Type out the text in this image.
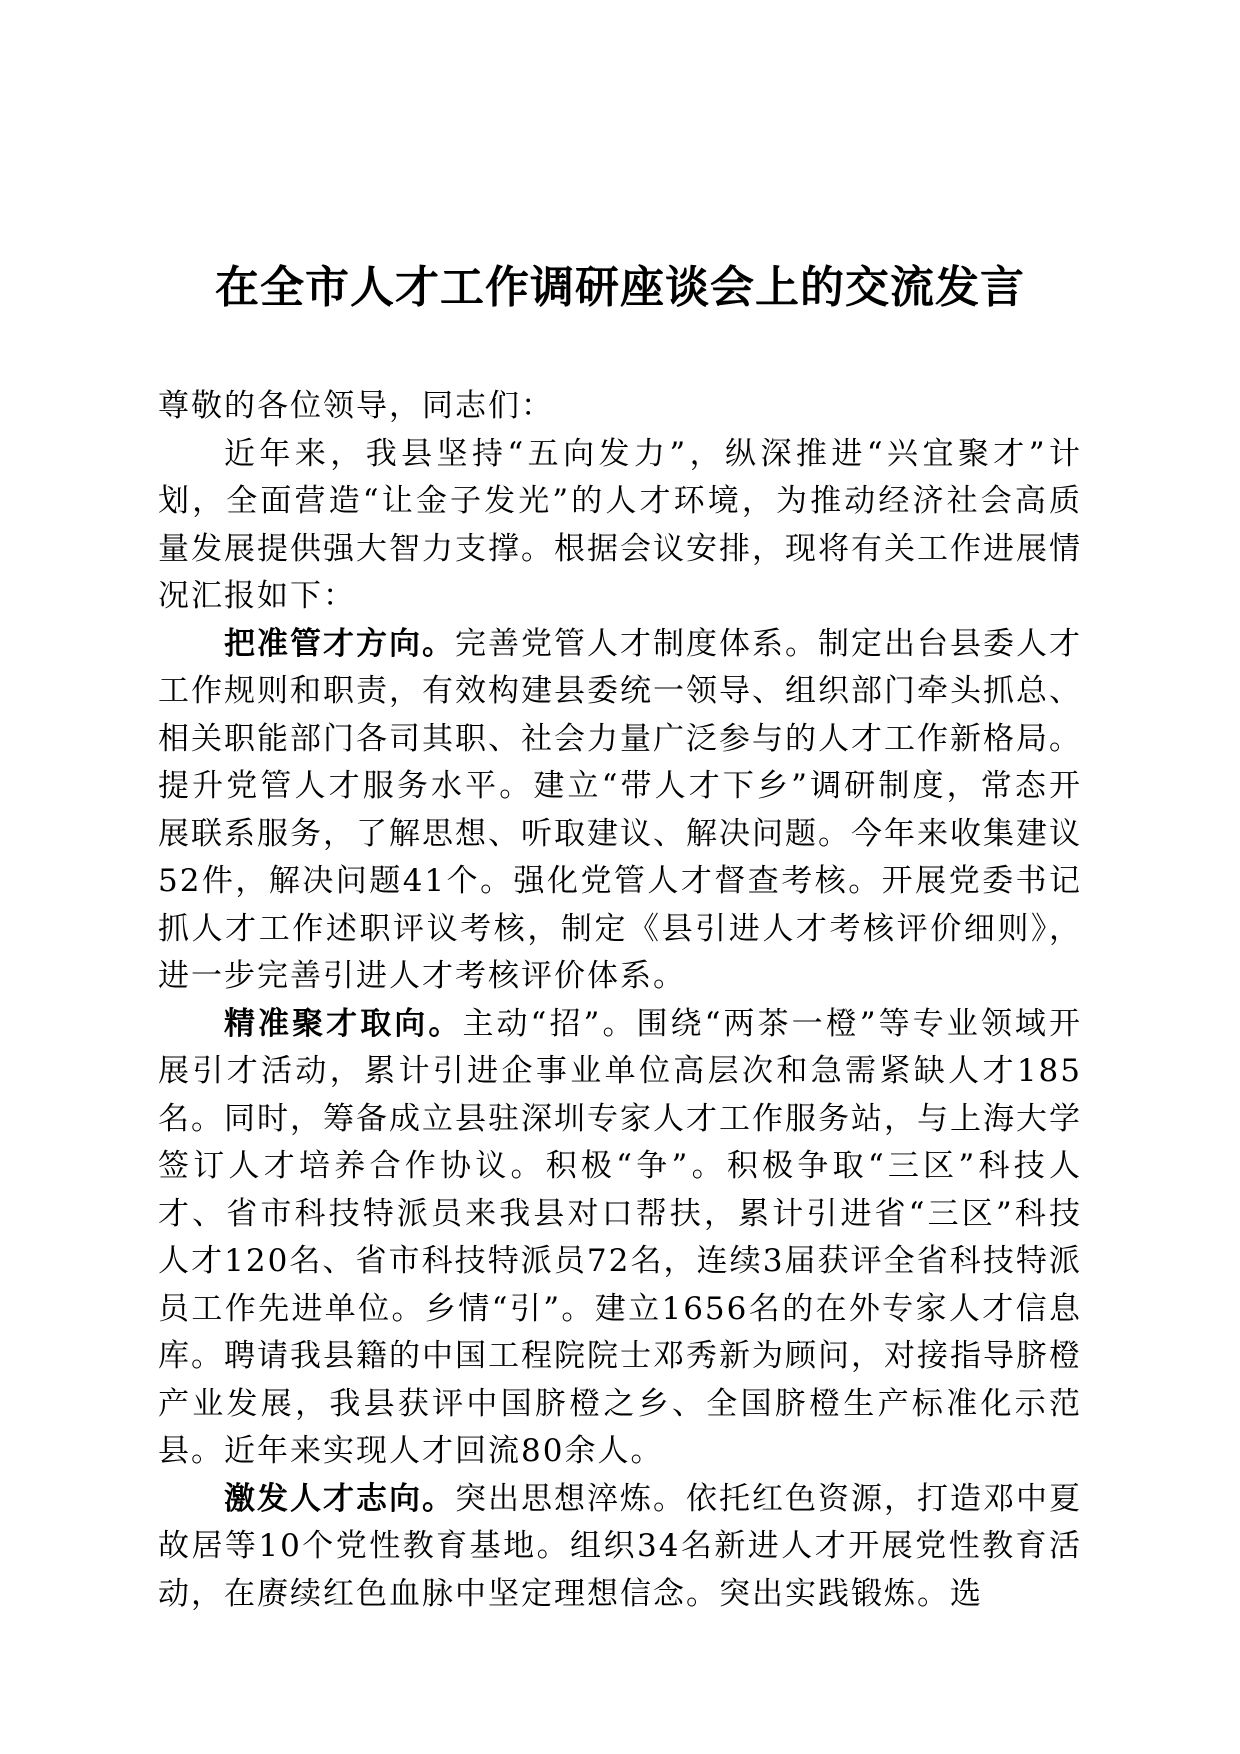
在全市人才工作调研座谈会上的交流发言

尊敬的各位领导，同志们：

近年来，我县坚持“五向发力”，纵深推进“兴宜聚才”计划，全面营造“让金子发光”的人才环境，为推动经济社会高质量发展提供强大智力支撑。根据会议安排，现将有关工作进展情况汇报如下：

把准管才方向。完善党管人才制度体系。制定出台县委人才工作规则和职责，有效构建县委统一领导、组织部门牵头抓总、相关职能部门各司其职、社会力量广泛参与的人才工作新格局。提升党管人才服务水平。建立“带人才下乡”调研制度，常态开展联系服务，了解思想、听取建议、解决问题。今年来收集建议52件，解决问题41个。强化党管人才督查考核。开展党委书记抓人才工作述职评议考核，制定《县引进人才考核评价细则》，进一步完善引进人才考核评价体系。

精准聚才取向。主动“招”。围绕“两茶一橙”等专业领域开展引才活动，累计引进企事业单位高层次和急需紧缺人才185名。同时，筹备成立县驻深圳专家人才工作服务站，与上海大学签订人才培养合作协议。积极“争”。积极争取“三区”科技人才、省市科技特派员来我县对口帮扶，累计引进省“三区”科技人才120名、省市科技特派员72名，连续3届获评全省科技特派员工作先进单位。乡情“引”。建立1656名的在外专家人才信息库。聘请我县籍的中国工程院院士邓秀新为顾问，对接指导脐橙产业发展，我县获评中国脐橙之乡、全国脐橙生产标准化示范县。近年来实现人才回流80余人。

激发人才志向。突出思想淬炼。依托红色资源，打造邓中夏故居等10个党性教育基地。组织34名新进人才开展党性教育活动，在赓续红色血脉中坚定理想信念。突出实践锻炼。选
